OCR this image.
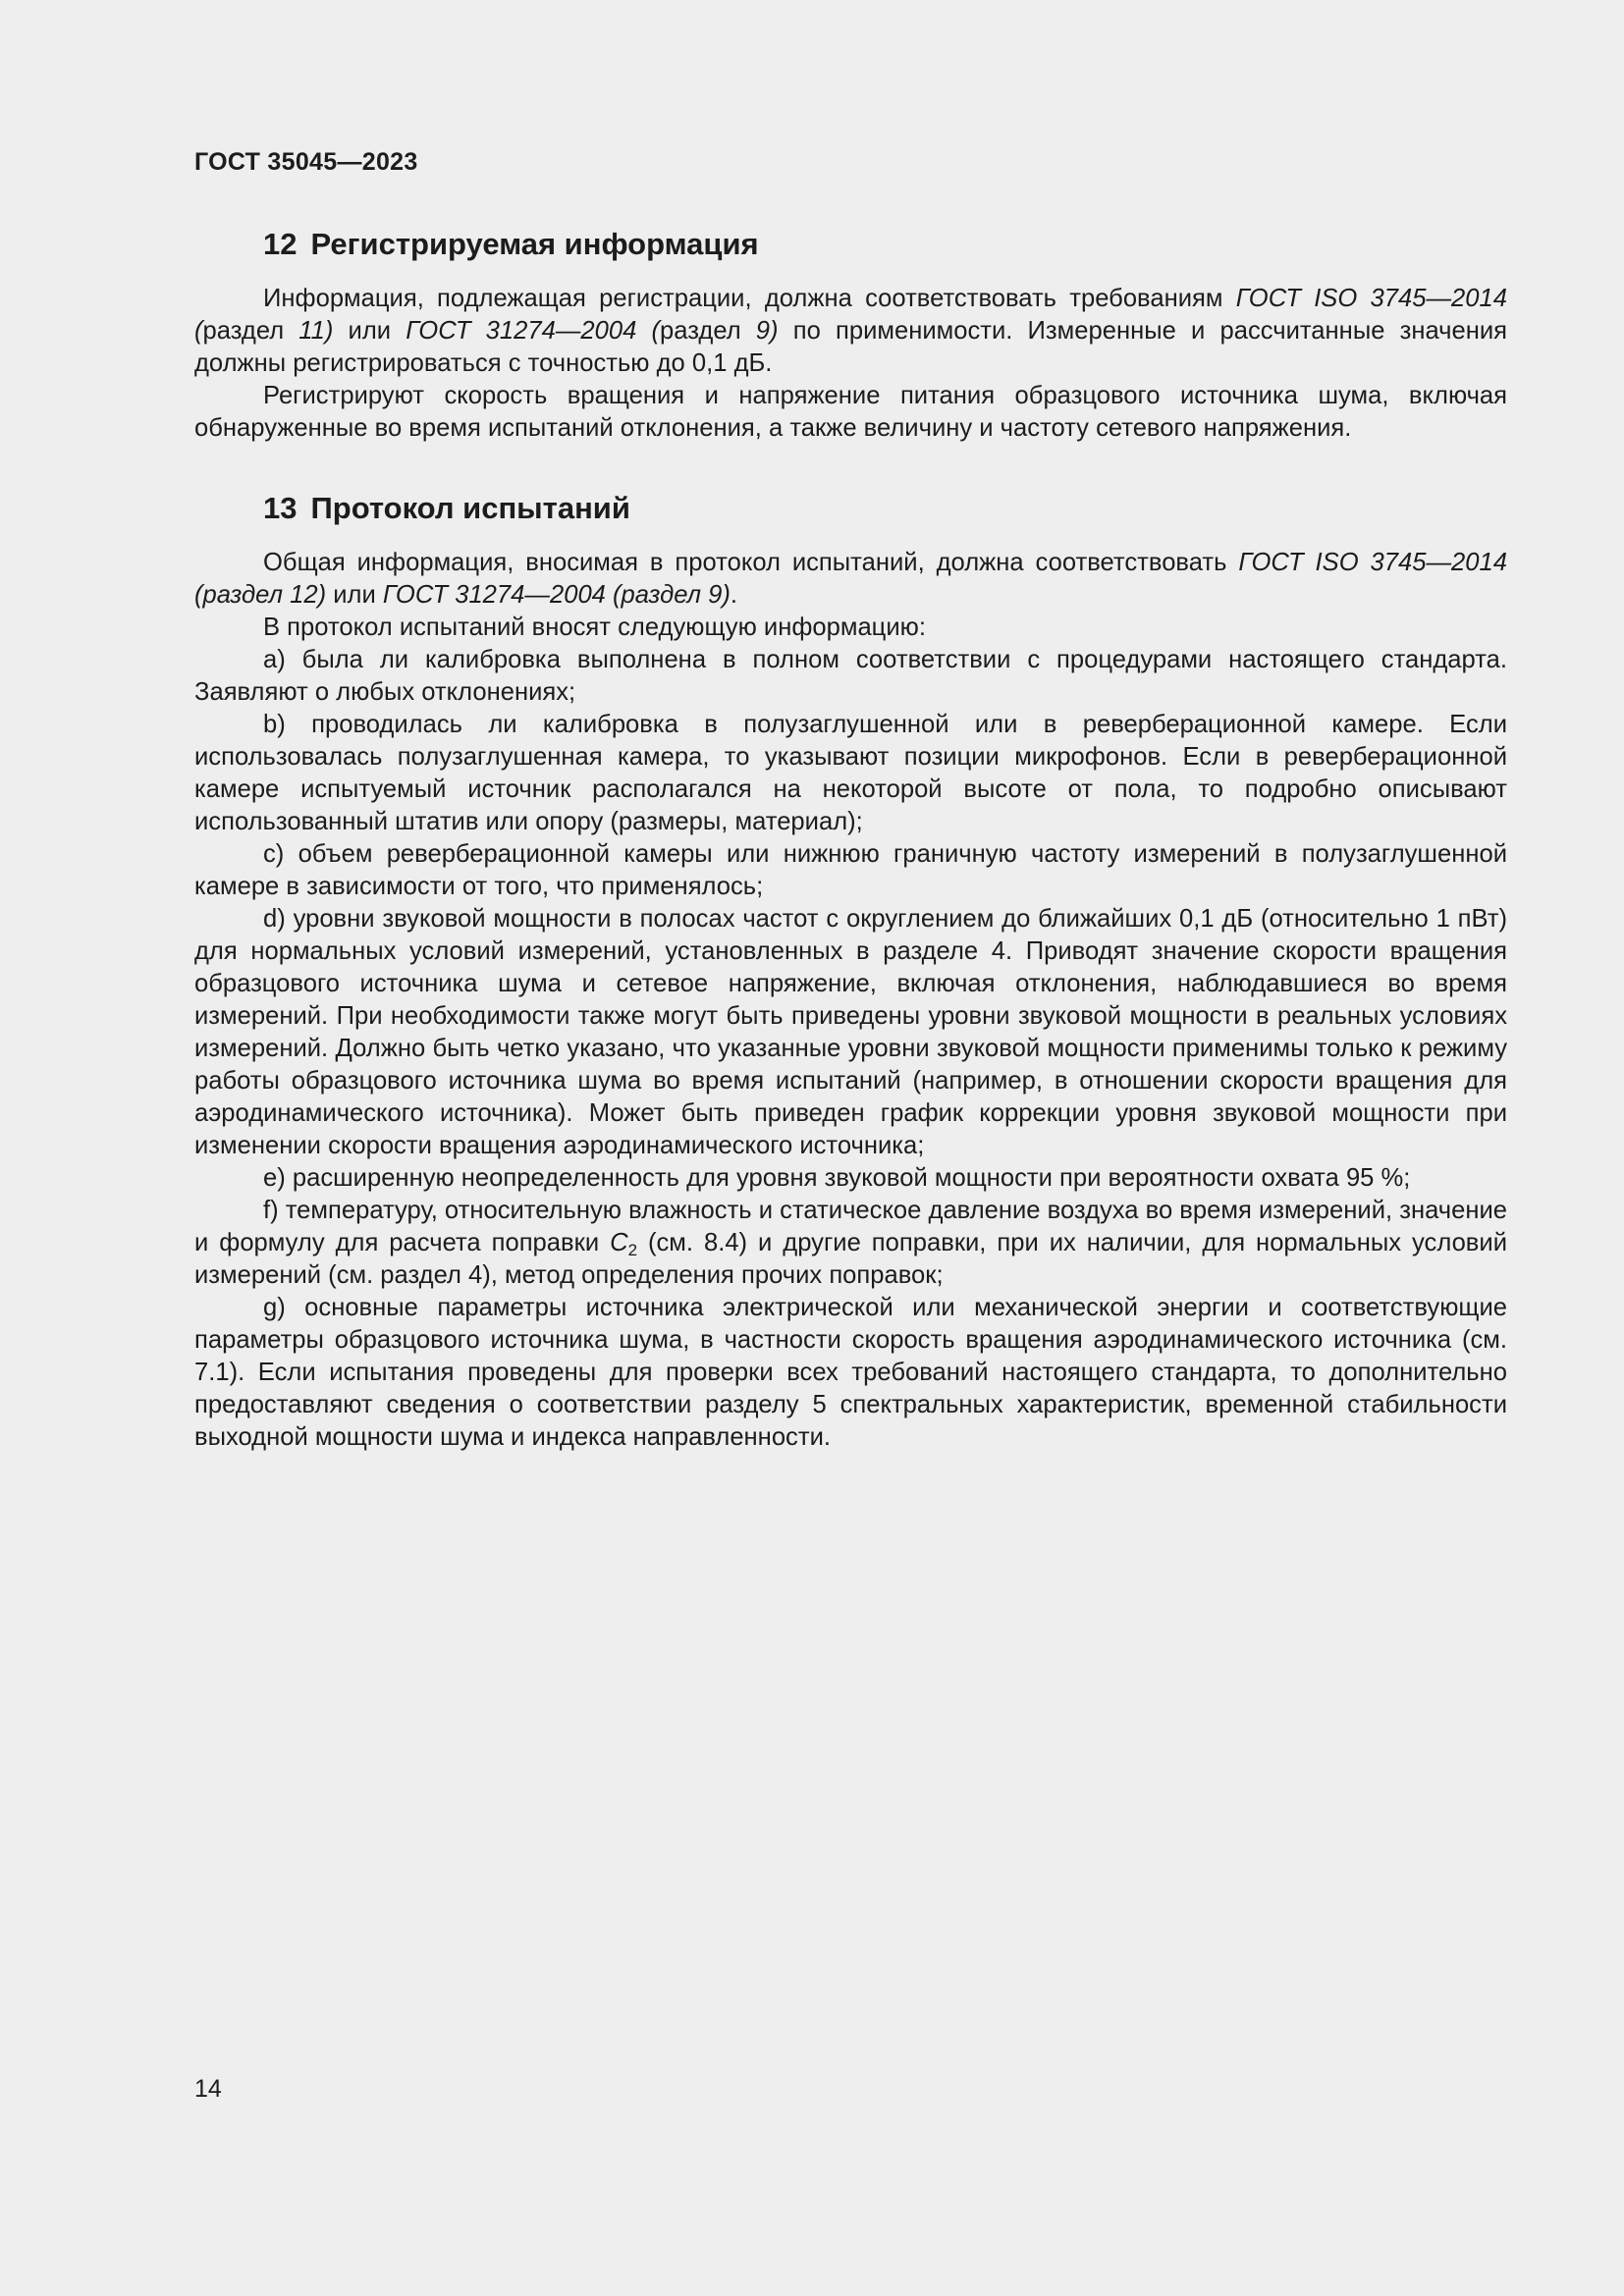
ГОСТ 35045—2023
12 Регистрируемая информация

Информация, подлежащая регистрации, должна соответствовать требованиям ГОСТ ISO 3745—2014 (раздел 11) или ГОСТ 31274—2004 (раздел 9) по применимости. Измеренные и рассчитанные значения должны регистрироваться с точностью до 0,1 дБ.

Регистрируют скорость вращения и напряжение питания образцового источника шума, включая обнаруженные во время испытаний отклонения, а также величину и частоту сетевого напряжения.

13 Протокол испытаний

Общая информация, вносимая в протокол испытаний, должна соответствовать ГОСТ ISO 3745—2014 (раздел 12) или ГОСТ 31274—2004 (раздел 9).

В протокол испытаний вносят следующую информацию:

a) была ли калибровка выполнена в полном соответствии с процедурами настоящего стандарта. Заявляют о любых отклонениях;

b) проводилась ли калибровка в полузаглушенной или в реверберационной камере. Если использовалась полузаглушенная камера, то указывают позиции микрофонов. Если в реверберационной камере испытуемый источник располагался на некоторой высоте от пола, то подробно описывают использованный штатив или опору (размеры, материал);

c) объем реверберационной камеры или нижнюю граничную частоту измерений в полузаглушенной камере в зависимости от того, что применялось;

d) уровни звуковой мощности в полосах частот с округлением до ближайших 0,1 дБ (относительно 1 пВт) для нормальных условий измерений, установленных в разделе 4. Приводят значение скорости вращения образцового источника шума и сетевое напряжение, включая отклонения, наблюдавшиеся во время измерений. При необходимости также могут быть приведены уровни звуковой мощности в реальных условиях измерений. Должно быть четко указано, что указанные уровни звуковой мощности применимы только к режиму работы образцового источника шума во время испытаний (например, в отношении скорости вращения для аэродинамического источника). Может быть приведен график коррекции уровня звуковой мощности при изменении скорости вращения аэродинамического источника;

e) расширенную неопределенность для уровня звуковой мощности при вероятности охвата 95 %;

f) температуру, относительную влажность и статическое давление воздуха во время измерений, значение и формулу для расчета поправки $C_2$ (см. 8.4) и другие поправки, при их наличии, для нормальных условий измерений (см. раздел 4), метод определения прочих поправок;

g) основные параметры источника электрической или механической энергии и соответствующие параметры образцового источника шума, в частности скорость вращения аэродинамического источника (см. 7.1). Если испытания проведены для проверки всех требований настоящего стандарта, то дополнительно предоставляют сведения о соответствии разделу 5 спектральных характеристик, временной стабильности выходной мощности шума и индекса направленности.

14
